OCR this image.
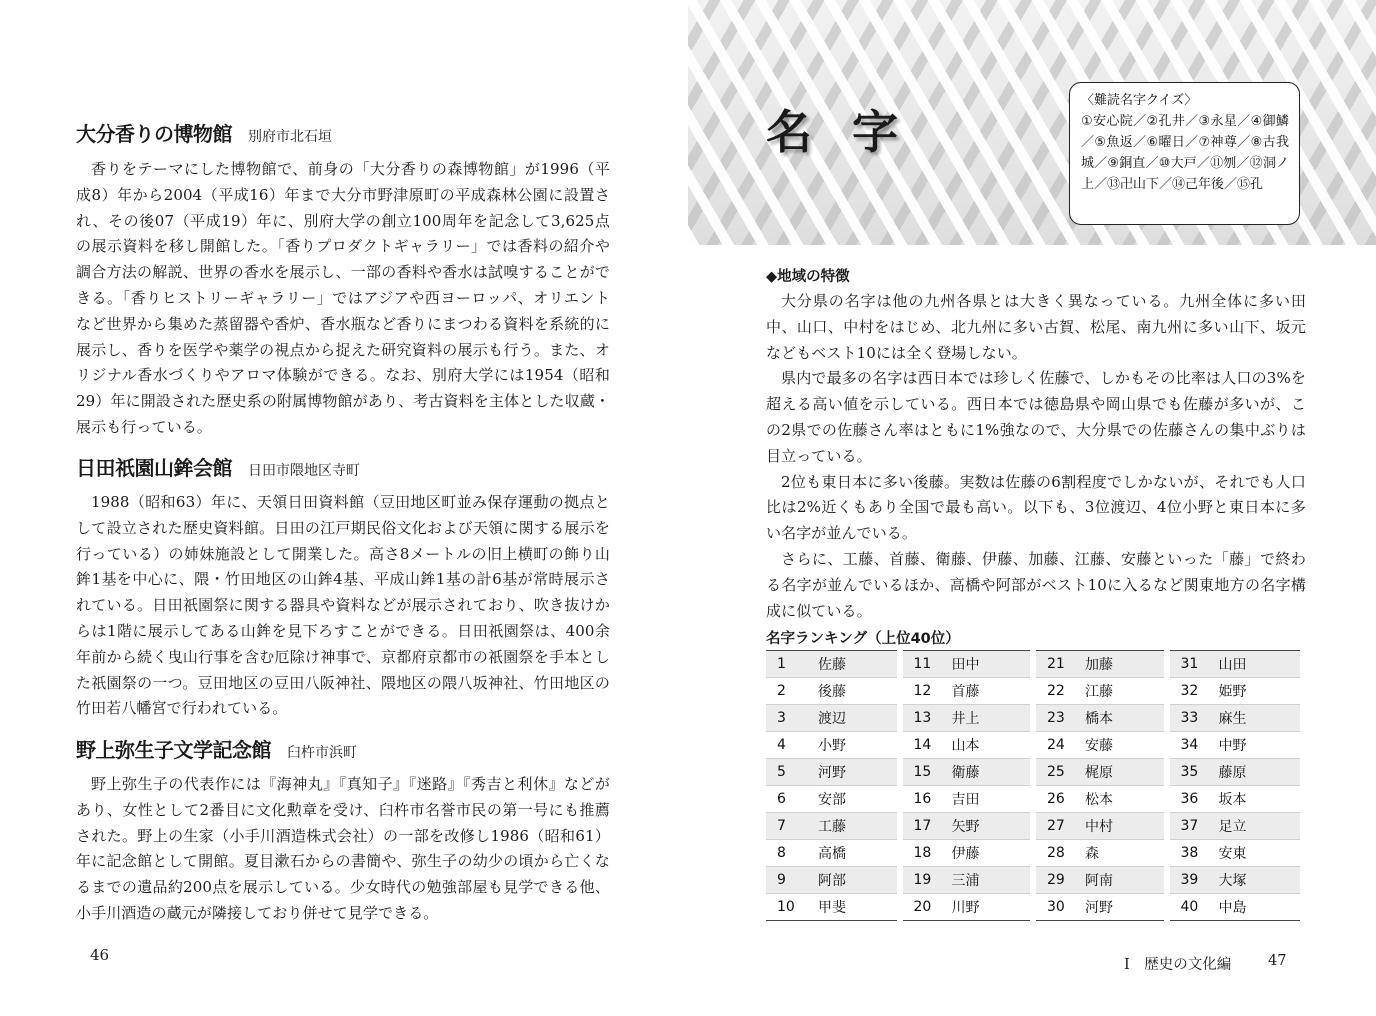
大分香りの博物館 別府市北石垣
香りをテーマにした博物館で、前身の「大分香りの森博物館」が1996（平成8）年から2004（平成16）年まで大分市野津原町の平成森林公園に設置され、その後07（平成19）年に、別府大学の創立100周年を記念して3,625点の展示資料を移し開館した。「香りプロダクトギャラリー」では香料の紹介や調合方法の解説、世界の香水を展示し、一部の香料や香水は試嗅することができる。「香りヒストリーギャラリー」ではアジアや西ヨーロッパ、オリエントなど世界から集めた蒸留器や香炉、香水瓶など香りにまつわる資料を系統的に展示し、香りを医学や薬学の視点から捉えた研究資料の展示も行う。また、オリジナル香水づくりやアロマ体験ができる。なお、別府大学には1954（昭和29）年に開設された歴史系の附属博物館があり、考古資料を主体とした収蔵・展示も行っている。
日田祇園山鉾会館 日田市隈地区寺町
1988（昭和63）年に、天領日田資料館（豆田地区町並み保存運動の拠点として設立された歴史資料館。日田の江戸期民俗文化および天領に関する展示を行っている）の姉妹施設として開業した。高さ8メートルの旧上横町の飾り山鉾1基を中心に、隈・竹田地区の山鉾4基、平成山鉾1基の計6基が常時展示されている。日田祇園祭に関する器具や資料などが展示されており、吹き抜けからは1階に展示してある山鉾を見下ろすことができる。日田祇園祭は、400余年前から続く曳山行事を含む厄除け神事で、京都府京都市の祇園祭を手本とした祇園祭の一つ。豆田地区の豆田八阪神社、隈地区の隈八坂神社、竹田地区の竹田若八幡宮で行われている。
野上弥生子文学記念館 臼杵市浜町
野上弥生子の代表作には『海神丸』『真知子』『迷路』『秀吉と利休』などがあり、女性として2番目に文化勲章を受け、臼杵市名誉市民の第一号にも推薦された。野上の生家（小手川酒造株式会社）の一部を改修し1986（昭和61）年に記念館として開館。夏目漱石からの書簡や、弥生子の幼少の頃から亡くなるまでの遺品約200点を展示している。少女時代の勉強部屋も見学できる他、小手川酒造の蔵元が隣接しており併せて見学できる。
46
名字
〈難読名字クイズ〉
①安心院／②孔井／③永星／④御鱗／⑤魚返／⑥曜日／⑦神尊／⑧古我城／⑨銅直／⑩大戸／⑪刎／⑫洞ノ上／⑬卍山下／⑭己年後／⑮孔
◆地域の特徴

大分県の名字は他の九州各県とは大きく異なっている。九州全体に多い田中、山口、中村をはじめ、北九州に多い古賀、松尾、南九州に多い山下、坂元などもベスト10には全く登場しない。

県内で最多の名字は西日本では珍しく佐藤で、しかもその比率は人口の3%を超える高い値を示している。西日本では徳島県や岡山県でも佐藤が多いが、この2県での佐藤さん率はともに1%強なので、大分県での佐藤さんの集中ぶりは目立っている。

2位も東日本に多い後藤。実数は佐藤の6割程度でしかないが、それでも人口比は2%近くもあり全国で最も高い。以下も、3位渡辺、4位小野と東日本に多い名字が並んでいる。

さらに、工藤、首藤、衛藤、伊藤、加藤、江藤、安藤といった「藤」で終わる名字が並んでいるほか、高橋や阿部がベスト10に入るなど関東地方の名字構成に似ている。

名字ランキング（上位40位）
1	佐藤	11	田中	21	加藤	31	山田
2	後藤	12	首藤	22	江藤	32	姫野
3	渡辺	13	井上	23	橋本	33	麻生
4	小野	14	山本	24	安藤	34	中野
5	河野	15	衛藤	25	梶原	35	藤原
6	安部	16	吉田	26	松本	36	坂本
7	工藤	17	矢野	27	中村	37	足立
8	高橋	18	伊藤	28	森	38	安東
9	阿部	19	三浦	29	阿南	39	大塚
10	甲斐	20	川野	30	河野	40	中島
Ⅰ　歴史の文化編	47
